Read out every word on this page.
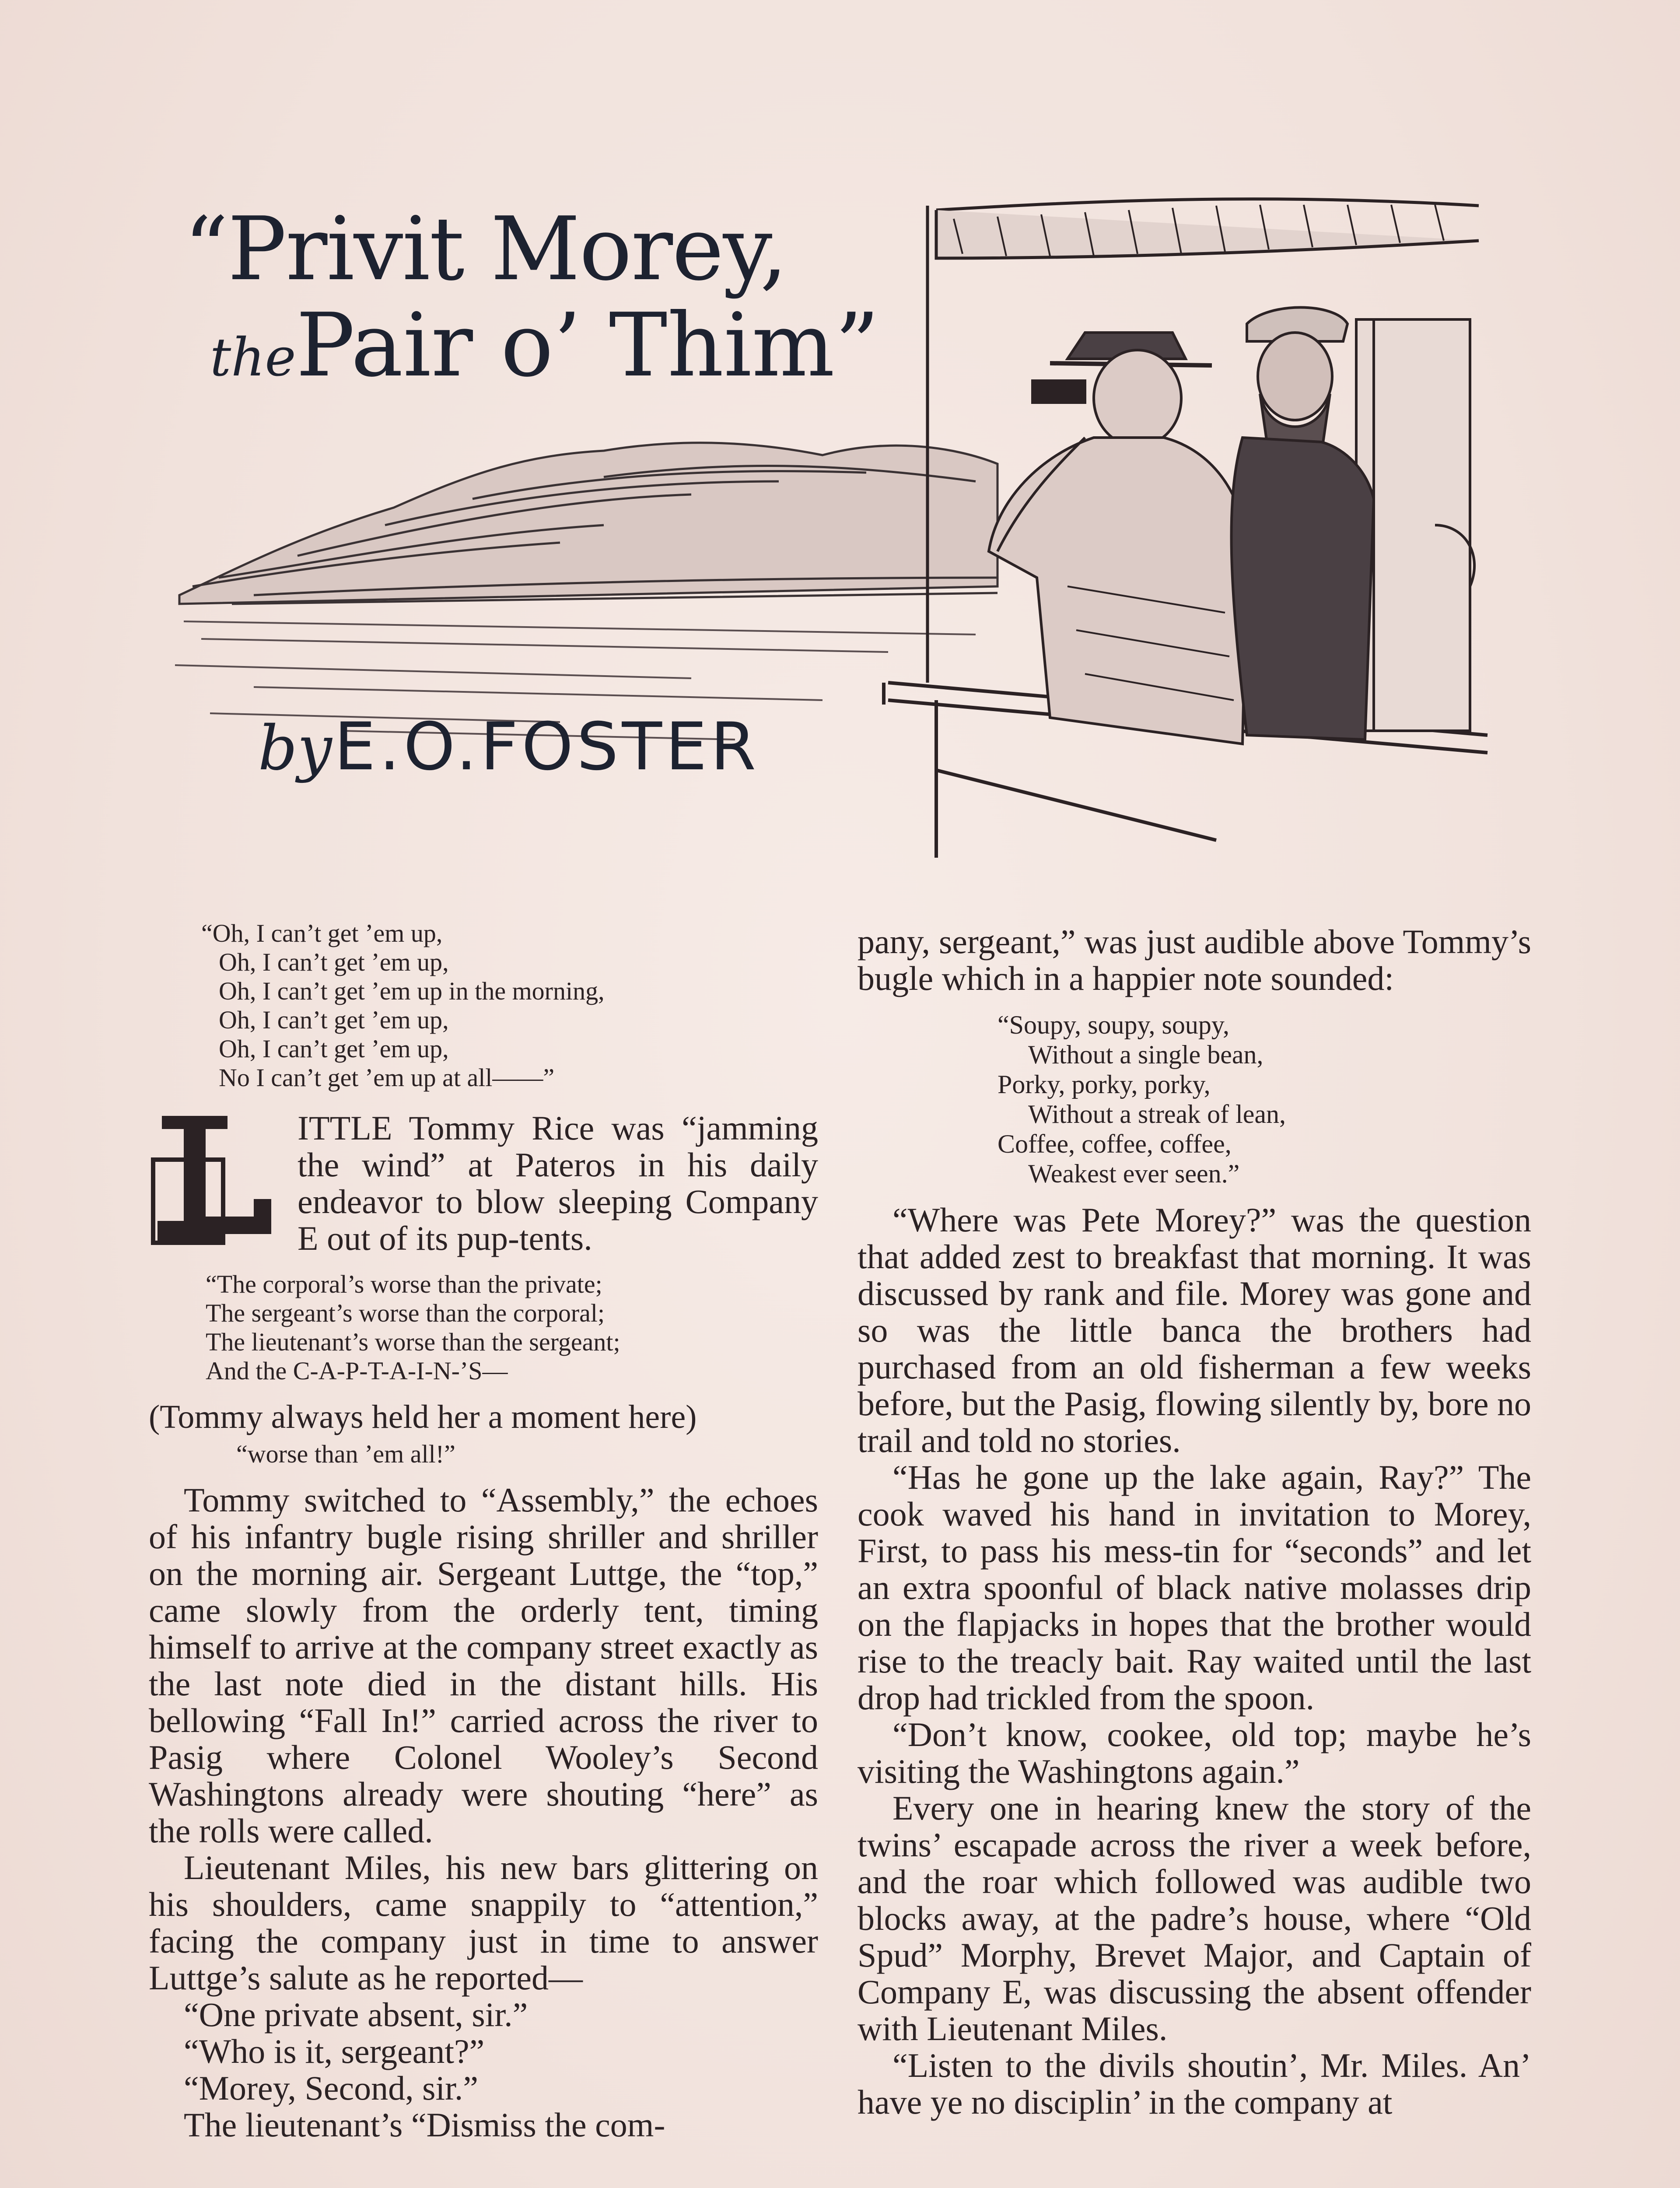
“Privit Morey,
thePair o’ Thim”
by E.O.FOSTER
“Oh, I can’t get ’em up,
Oh, I can’t get ’em up,
Oh, I can’t get ’em up in the morning,
Oh, I can’t get ’em up,
Oh, I can’t get ’em up,
No I can’t get ’em up at all——”

ITTLE Tommy Rice was “jamming the wind” at Pateros in his daily endeavor to blow sleeping Company E out of its pup-tents.

“The corporal’s worse than the private;
The sergeant’s worse than the corporal;
The lieutenant’s worse than the sergeant;
And the C-A-P-T-A-I-N-’S—
(Tommy always held her a moment here)
“worse than ’em all!”

Tommy switched to “Assembly,” the echoes of his infantry bugle rising shriller and shriller on the morning air. Sergeant Luttge, the “top,” came slowly from the orderly tent, timing himself to arrive at the company street exactly as the last note died in the distant hills. His bellowing “Fall In!” carried across the river to Pasig where Colonel Wooley’s Second Washingtons already were shouting “here” as the rolls were called.

Lieutenant Miles, his new bars glittering on his shoulders, came snappily to “attention,” facing the company just in time to answer Luttge’s salute as he reported—

“One private absent, sir.”

“Who is it, sergeant?”

“Morey, Second, sir.”

The lieutenant’s “Dismiss the com-

pany, sergeant,” was just audible above Tommy’s bugle which in a happier note sounded:

“Soupy, soupy, soupy,
Without a single bean,
Porky, porky, porky,
Without a streak of lean,
Coffee, coffee, coffee,
Weakest ever seen.”

“Where was Pete Morey?” was the question that added zest to breakfast that morning. It was discussed by rank and file. Morey was gone and so was the little banca the brothers had purchased from an old fisherman a few weeks before, but the Pasig, flowing silently by, bore no trail and told no stories.

“Has he gone up the lake again, Ray?” The cook waved his hand in invitation to Morey, First, to pass his mess-tin for “seconds” and let an extra spoonful of black native molasses drip on the flapjacks in hopes that the brother would rise to the treacly bait. Ray waited until the last drop had trickled from the spoon.

“Don’t know, cookee, old top; maybe he’s visiting the Washingtons again.”

Every one in hearing knew the story of the twins’ escapade across the river a week before, and the roar which followed was audible two blocks away, at the padre’s house, where “Old Spud” Morphy, Brevet Major, and Captain of Company E, was discussing the absent offender with Lieutenant Miles.

“Listen to the divils shoutin’, Mr. Miles. An’ have ye no disciplin’ in the company at
